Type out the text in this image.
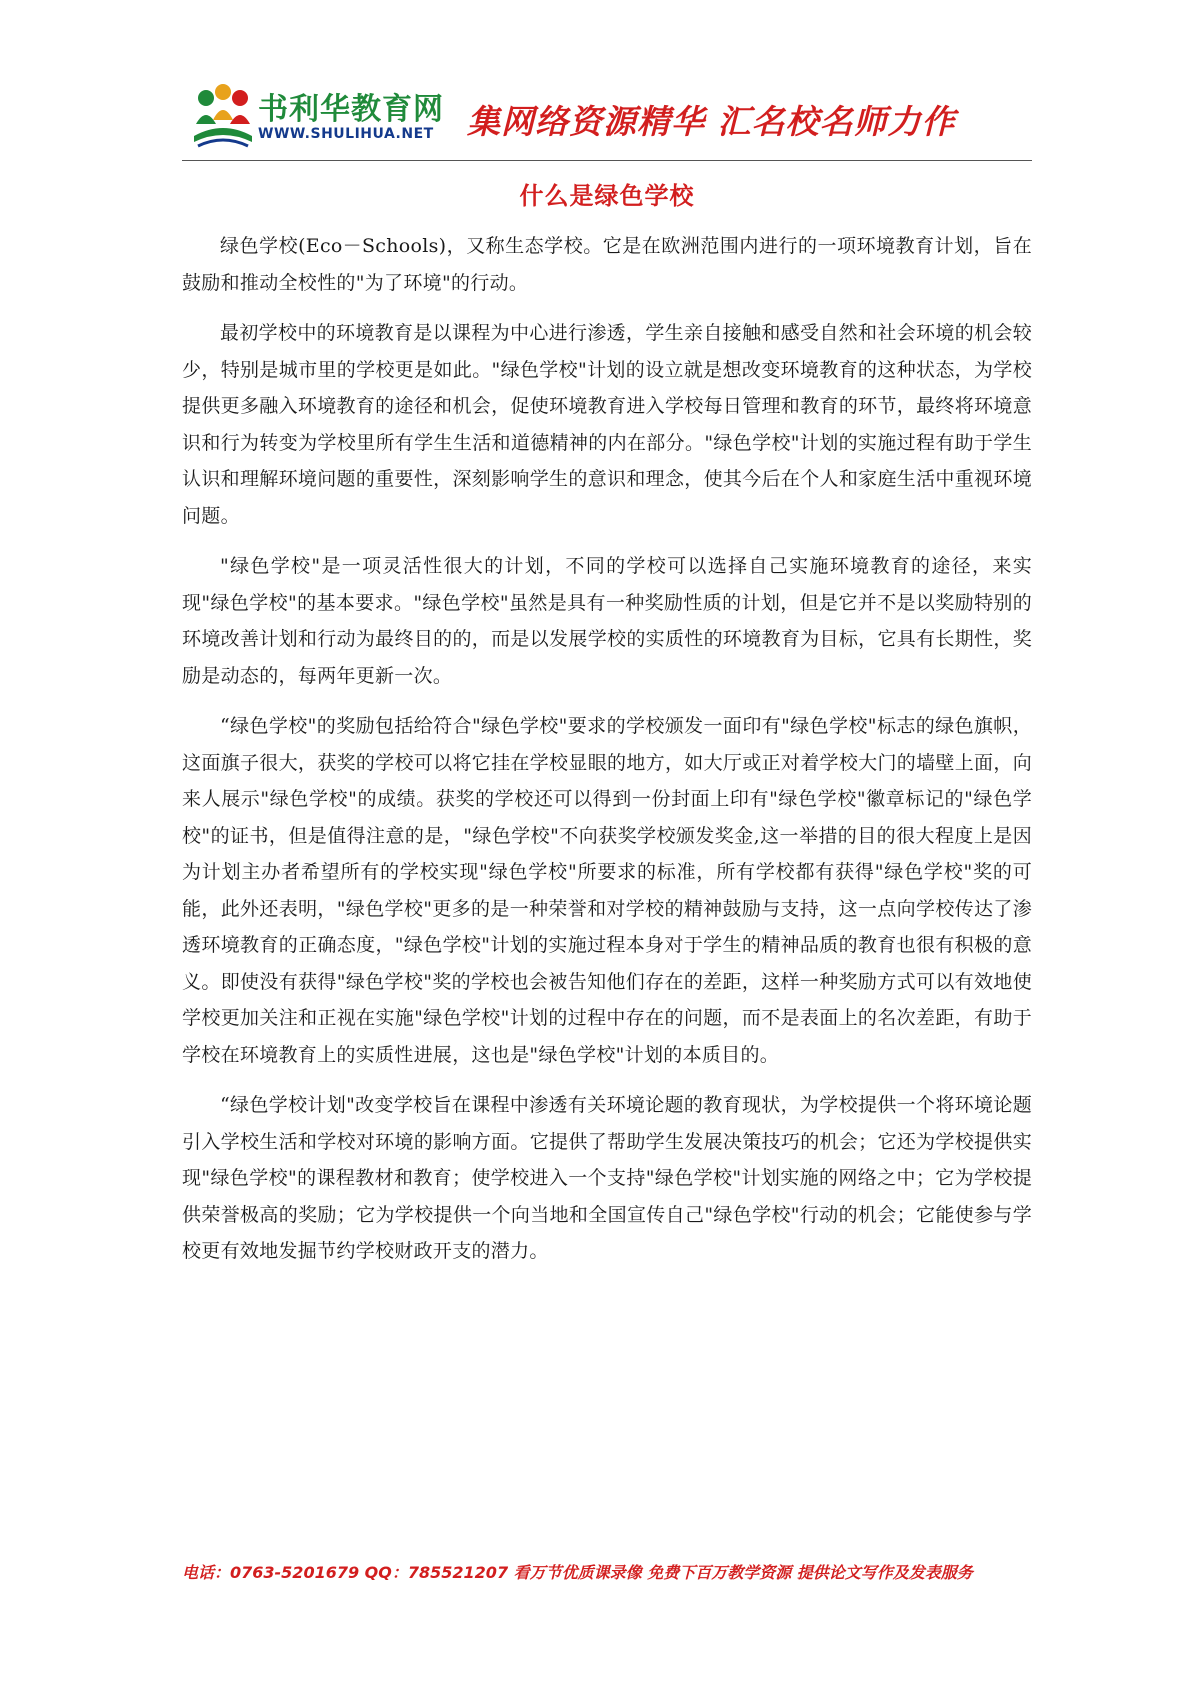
书利华教育网
WWW.SHULIHUA.NET 集网络资源精华 汇名校名师力作
什么是绿色学校

绿色学校(Eco－Schools)，又称生态学校。它是在欧洲范围内进行的一项环境教育计划，旨在鼓励和推动全校性的"为了环境"的行动。

最初学校中的环境教育是以课程为中心进行渗透，学生亲自接触和感受自然和社会环境的机会较少，特别是城市里的学校更是如此。"绿色学校"计划的设立就是想改变环境教育的这种状态，为学校提供更多融入环境教育的途径和机会，促使环境教育进入学校每日管理和教育的环节，最终将环境意识和行为转变为学校里所有学生生活和道德精神的内在部分。"绿色学校"计划的实施过程有助于学生认识和理解环境问题的重要性，深刻影响学生的意识和理念，使其今后在个人和家庭生活中重视环境问题。

"绿色学校"是一项灵活性很大的计划，不同的学校可以选择自己实施环境教育的途径，来实现"绿色学校"的基本要求。"绿色学校"虽然是具有一种奖励性质的计划，但是它并不是以奖励特别的环境改善计划和行动为最终目的的，而是以发展学校的实质性的环境教育为目标，它具有长期性，奖励是动态的，每两年更新一次。

“绿色学校"的奖励包括给符合"绿色学校"要求的学校颁发一面印有"绿色学校"标志的绿色旗帜，这面旗子很大，获奖的学校可以将它挂在学校显眼的地方，如大厅或正对着学校大门的墙壁上面，向来人展示"绿色学校"的成绩。获奖的学校还可以得到一份封面上印有"绿色学校"徽章标记的"绿色学校"的证书，但是值得注意的是，"绿色学校"不向获奖学校颁发奖金,这一举措的目的很大程度上是因为计划主办者希望所有的学校实现"绿色学校"所要求的标准，所有学校都有获得"绿色学校"奖的可能，此外还表明，"绿色学校"更多的是一种荣誉和对学校的精神鼓励与支持，这一点向学校传达了渗透环境教育的正确态度，"绿色学校"计划的实施过程本身对于学生的精神品质的教育也很有积极的意义。即使没有获得"绿色学校"奖的学校也会被告知他们存在的差距，这样一种奖励方式可以有效地使学校更加关注和正视在实施"绿色学校"计划的过程中存在的问题，而不是表面上的名次差距，有助于学校在环境教育上的实质性进展，这也是"绿色学校"计划的本质目的。

“绿色学校计划"改变学校旨在课程中渗透有关环境论题的教育现状，为学校提供一个将环境论题引入学校生活和学校对环境的影响方面。它提供了帮助学生发展决策技巧的机会；它还为学校提供实现"绿色学校"的课程教材和教育；使学校进入一个支持"绿色学校"计划实施的网络之中；它为学校提供荣誉极高的奖励；它为学校提供一个向当地和全国宣传自己"绿色学校"行动的机会；它能使参与学校更有效地发掘节约学校财政开支的潜力。

电话：0763-5201679 QQ：785521207 看万节优质课录像 免费下百万教学资源 提供论文写作及发表服务
